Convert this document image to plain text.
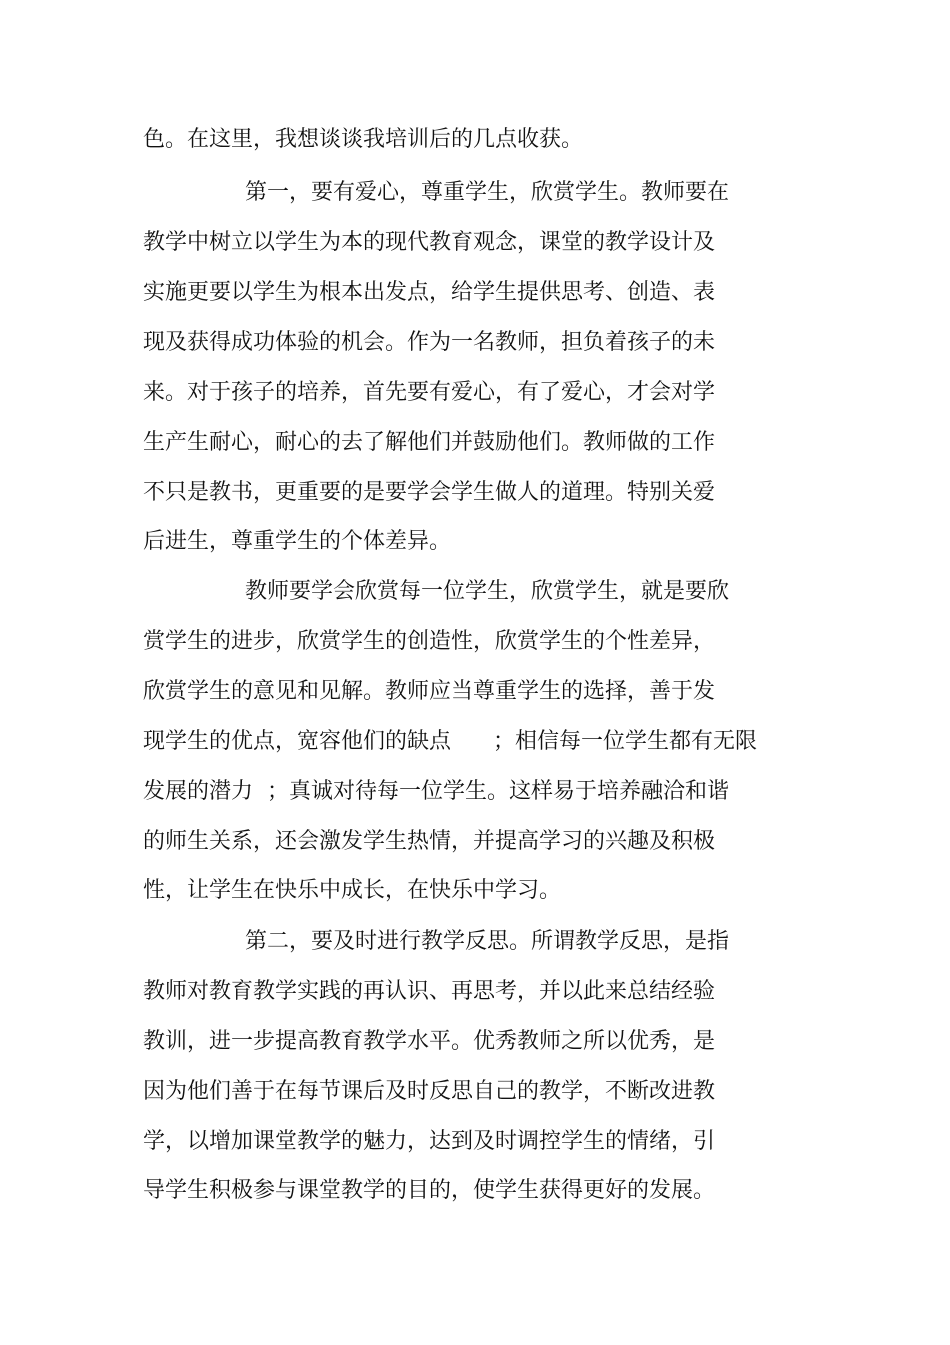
色。在这里，我想谈谈我培训后的几点收获。

第一，要有爱心，尊重学生，欣赏学生。教师要在

教学中树立以学生为本的现代教育观念，课堂的教学设计及

实施更要以学生为根本出发点，给学生提供思考、创造、表

现及获得成功体验的机会。作为一名教师，担负着孩子的未

来。对于孩子的培养，首先要有爱心，有了爱心，才会对学

生产生耐心，耐心的去了解他们并鼓励他们。教师做的工作

不只是教书，更重要的是要学会学生做人的道理。特别关爱

后进生，尊重学生的个体差异。

教师要学会欣赏每一位学生，欣赏学生，就是要欣

赏学生的进步，欣赏学生的创造性，欣赏学生的个性差异，

欣赏学生的意见和见解。教师应当尊重学生的选择，善于发

现学生的优点，宽容他们的缺点      ；相信每一位学生都有无限

发展的潜力  ；真诚对待每一位学生。这样易于培养融洽和谐

的师生关系，还会激发学生热情，并提高学习的兴趣及积极

性，让学生在快乐中成长，在快乐中学习。

第二，要及时进行教学反思。所谓教学反思，是指

教师对教育教学实践的再认识、再思考，并以此来总结经验

教训，进一步提高教育教学水平。优秀教师之所以优秀，是

因为他们善于在每节课后及时反思自己的教学，不断改进教

学，以增加课堂教学的魅力，达到及时调控学生的情绪，引

导学生积极参与课堂教学的目的，使学生获得更好的发展。
